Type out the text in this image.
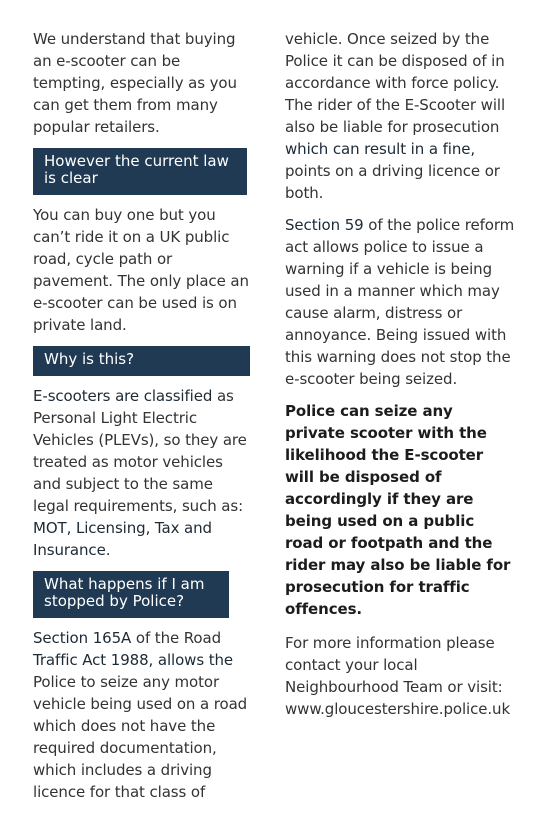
We understand that buying an e-scooter can be tempting, especially as you can get them from many popular retailers.

However the current law is clear

You can buy one but you can’t ride it on a UK public road, cycle path or pavement. The only place an e-scooter can be used is on private land.

Why is this?

E-scooters are classified as Personal Light Electric Vehicles (PLEVs), so they are treated as motor vehicles and subject to the same legal requirements, such as: MOT, Licensing, Tax and Insurance.

What happens if I am stopped by Police?

Section 165A of the Road Traffic Act 1988, allows the Police to seize any motor vehicle being used on a road which does not have the required documentation, which includes a driving licence for that class of

vehicle. Once seized by the Police it can be disposed of in accordance with force policy. The rider of the E-Scooter will also be liable for prosecution which can result in a fine, points on a driving licence or both.

Section 59 of the police reform act allows police to issue a warning if a vehicle is being used in a manner which may cause alarm, distress or annoyance. Being issued with this warning does not stop the e-scooter being seized.

Police can seize any private scooter with the likelihood the E-scooter will be disposed of accordingly if they are being used on a public road or footpath and the rider may also be liable for prosecution for traffic offences.

For more information please contact your local Neighbourhood Team or visit: www.gloucestershire.police.uk
